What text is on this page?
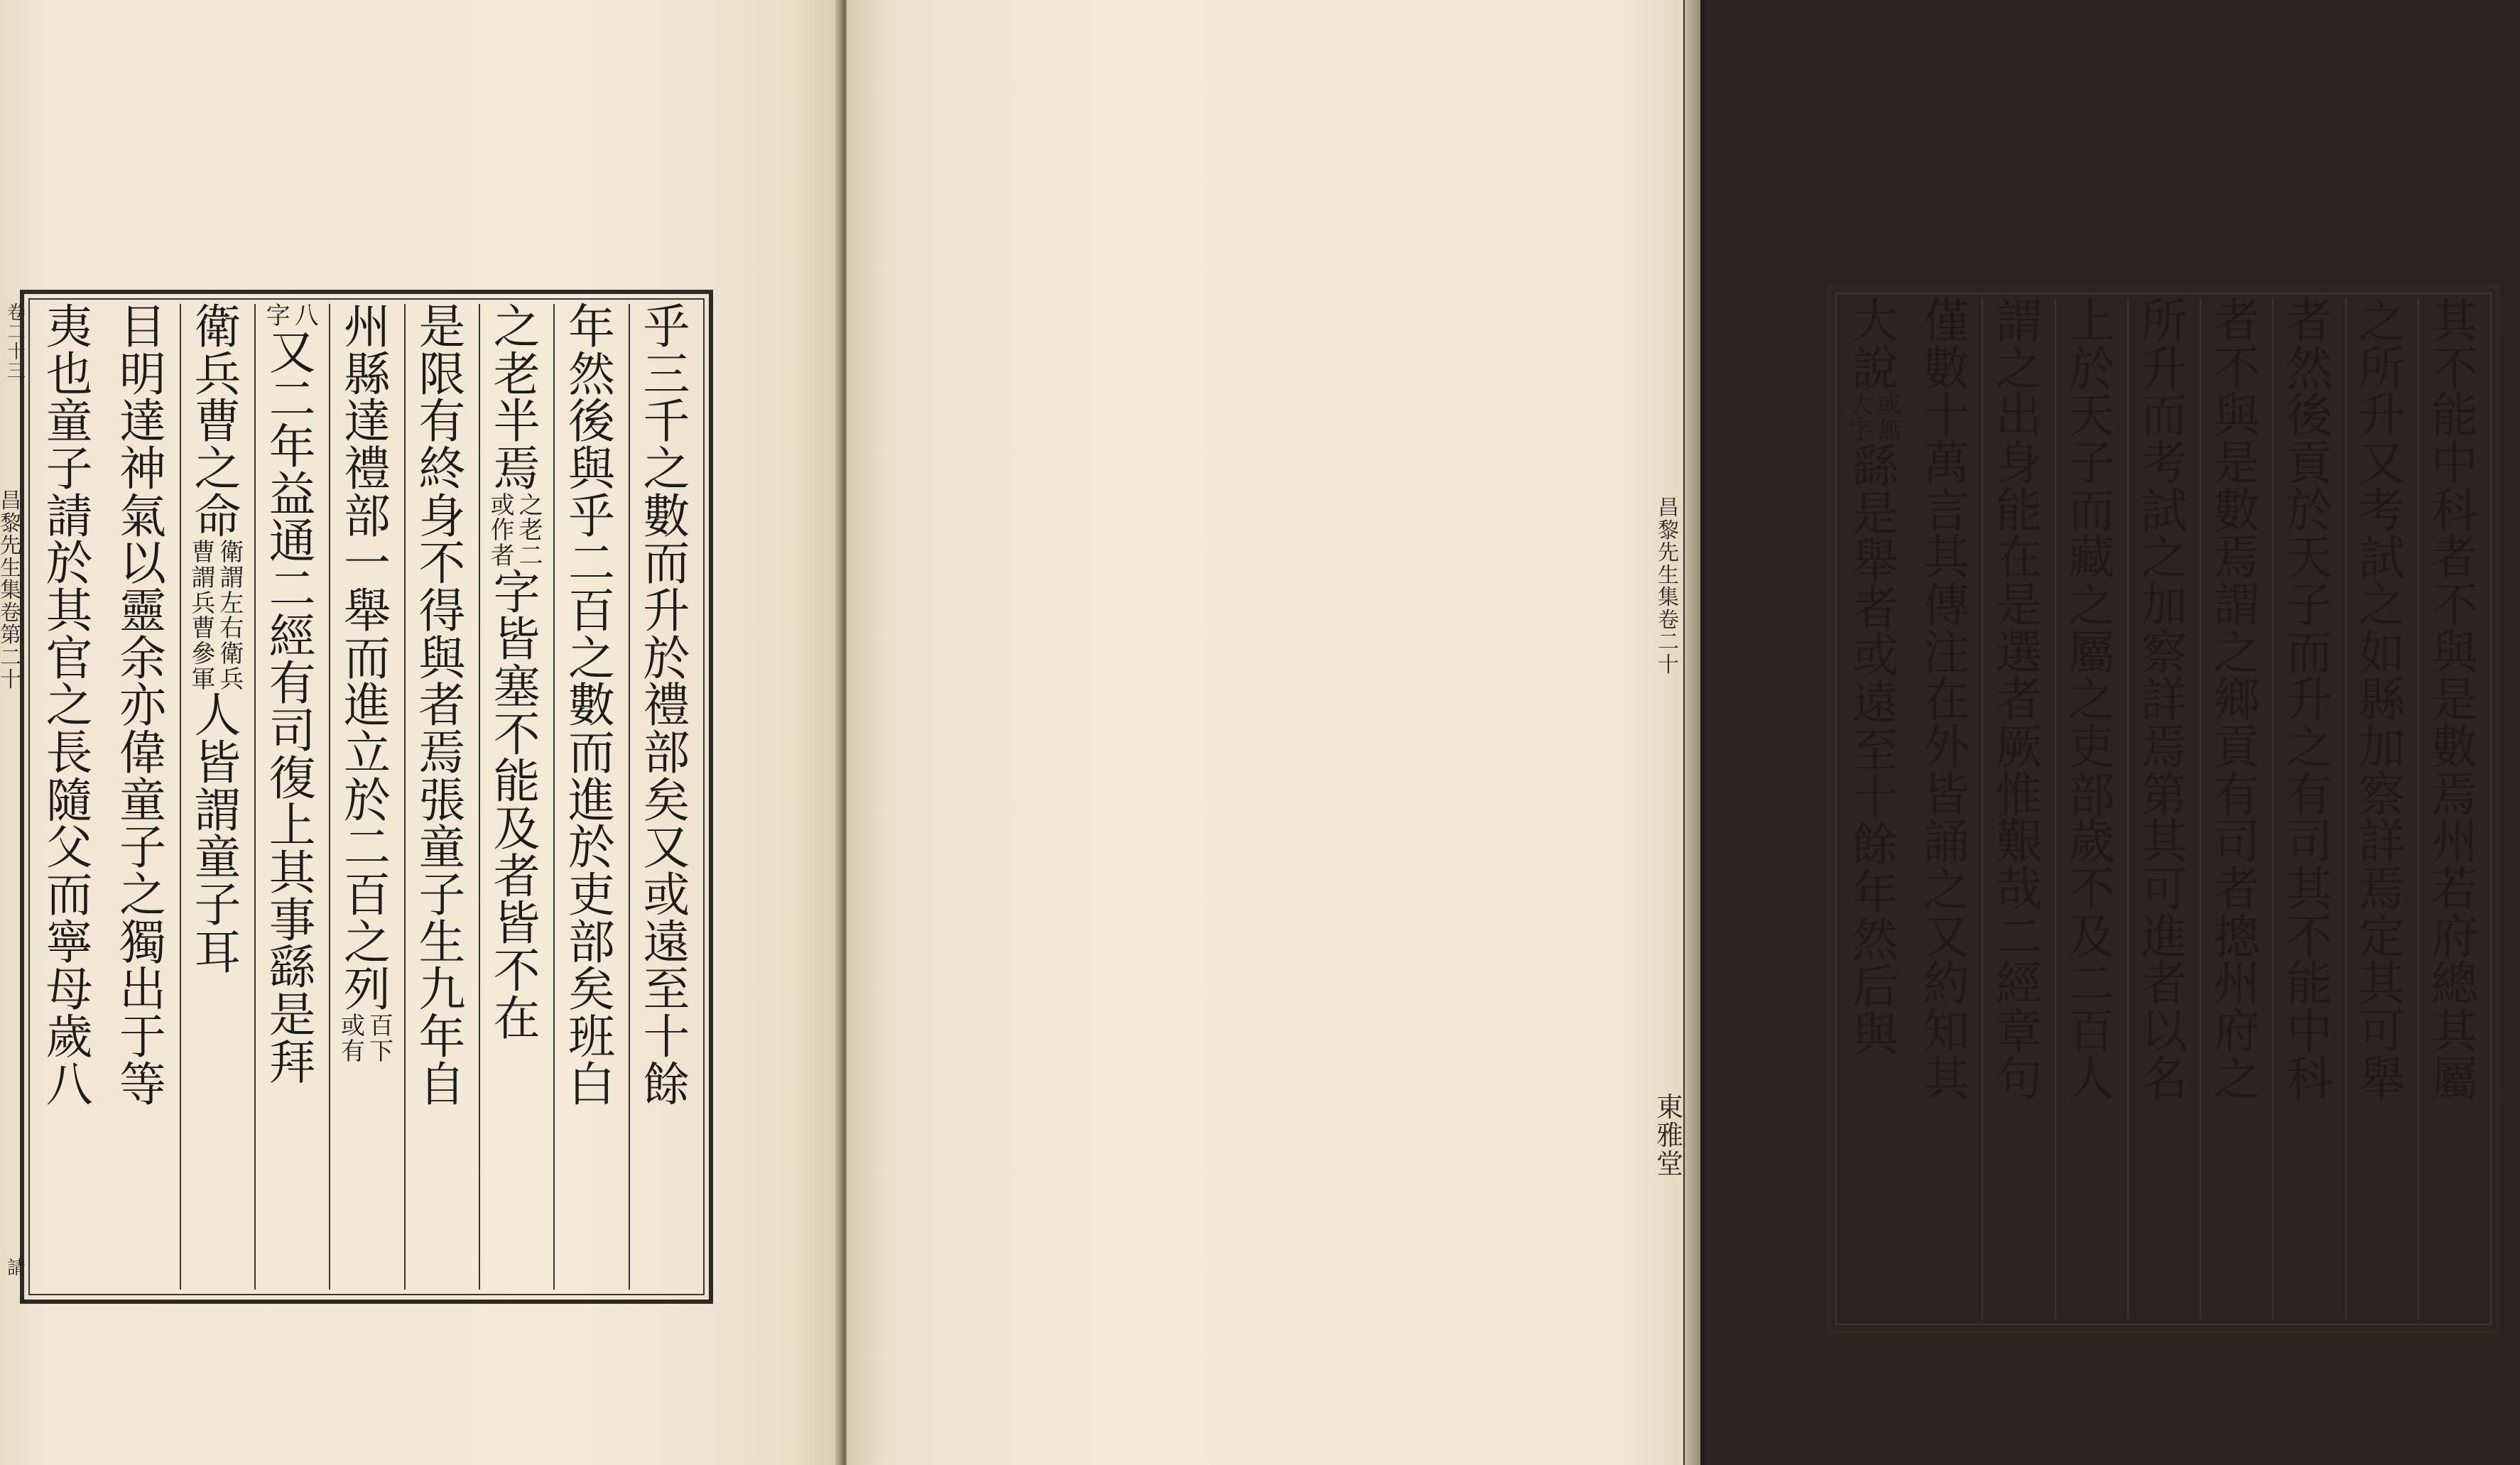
乎
三
千
之
數
而
升
於
禮
部
矣
又
或
遠
至
十
餘
年
然
後
與
乎
二
百
之
數
而
進
於
吏
部
矣
班
白
之
老
半
焉
之老二
或作者
字
皆
塞
不
能
及
者
皆
不
在
是
限
有
終
身
不
得
與
者
焉
張
童
子
生
九
年
自
州
縣
達
禮
部
一
舉
而
進
立
於
二
百
之
列
百下
或有
八
字
又
二
年
益
通
二
經
有
司
復
上
其
事
繇
是
拜
衛
兵
曹
之
命
衛謂左右衛兵
曹謂兵曹參軍
人
皆
謂
童
子
耳
目
明
達
神
氣
以
靈
余
亦
偉
童
子
之
獨
出
于
等
夷
也
童
子
請
於
其
官
之
長
隨
父
而
寧
母
歲
八
卷二十三
請
昌黎先生集卷第二十
其
不
能
中
科
者
不
與
是
數
焉
州
若
府
總
其
屬
之
所
升
又
考
試
之
如
縣
加
察
詳
焉
定
其
可
舉
者
然
後
貢
於
天
子
而
升
之
有
司
其
不
能
中
科
者
不
與
是
數
焉
謂
之
鄉
貢
有
司
者
摠
州
府
之
所
升
而
考
試
之
加
察
詳
焉
第
其
可
進
者
以
名
上
於
天
子
而
藏
之
屬
之
吏
部
歲
不
及
二
百
人
謂
之
出
身
能
在
是
選
者
厥
惟
艱
哉
二
經
章
句
僅
數
十
萬
言
其
傳
注
在
外
皆
誦
之
又
約
知
其
大
說
或無
大字
繇
是
舉
者
或
遠
至
十
餘
年
然
后
與
小六
三
昌黎先生集卷二十
東雅堂
